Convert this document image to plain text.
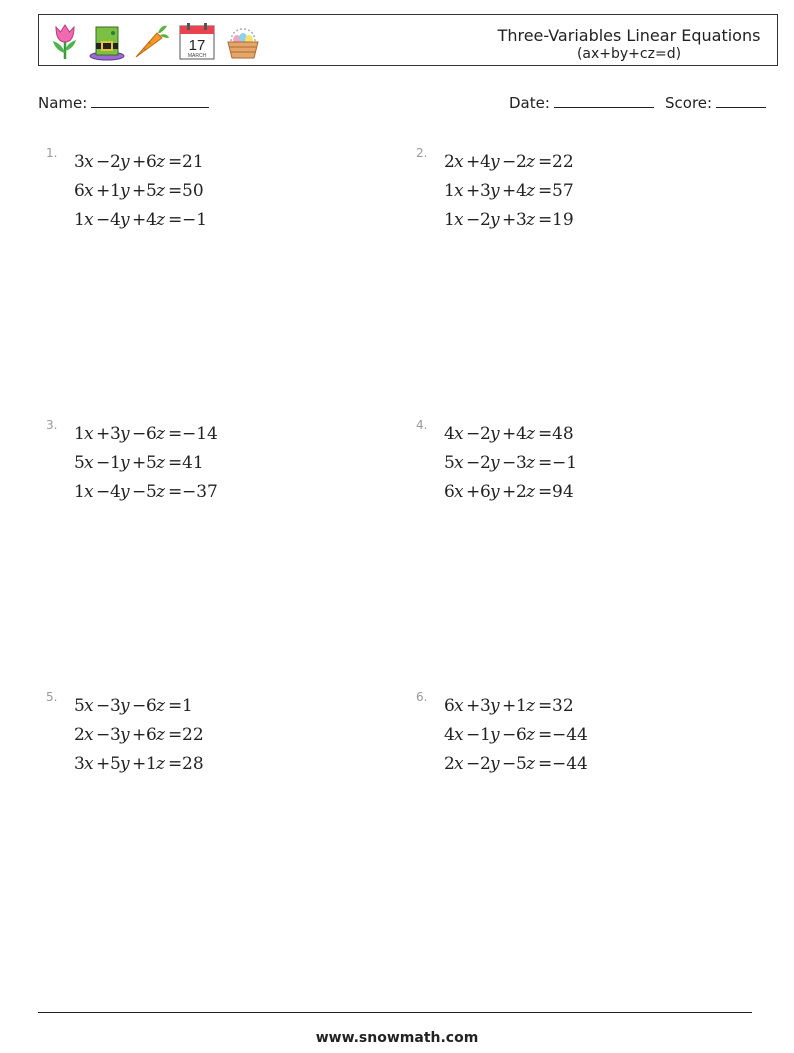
17
MARCH
Three-Variables Linear Equations
(ax+by+cz=d)
Name:	Date:	Score:
1. 3 x − 2 y + 6 z = 21
6 x + 1 y + 5 z = 50
1 x − 4 y + 4 z = −1
2. 2 x + 4 y − 2 z = 22
1 x + 3 y + 4 z = 57
1 x − 2 y + 3 z = 19
3. 1 x + 3 y − 6 z = −14
5 x − 1 y + 5 z = 41
1 x − 4 y − 5 z = −37
4. 4 x − 2 y + 4 z = 48
5 x − 2 y − 3 z = −1
6 x + 6 y + 2 z = 94
5. 5 x − 3 y − 6 z = 1
2 x − 3 y + 6 z = 22
3 x + 5 y + 1 z = 28
6. 6 x + 3 y + 1 z = 32
4 x − 1 y − 6 z = −44
2 x − 2 y − 5 z = −44
www.snowmath.com
